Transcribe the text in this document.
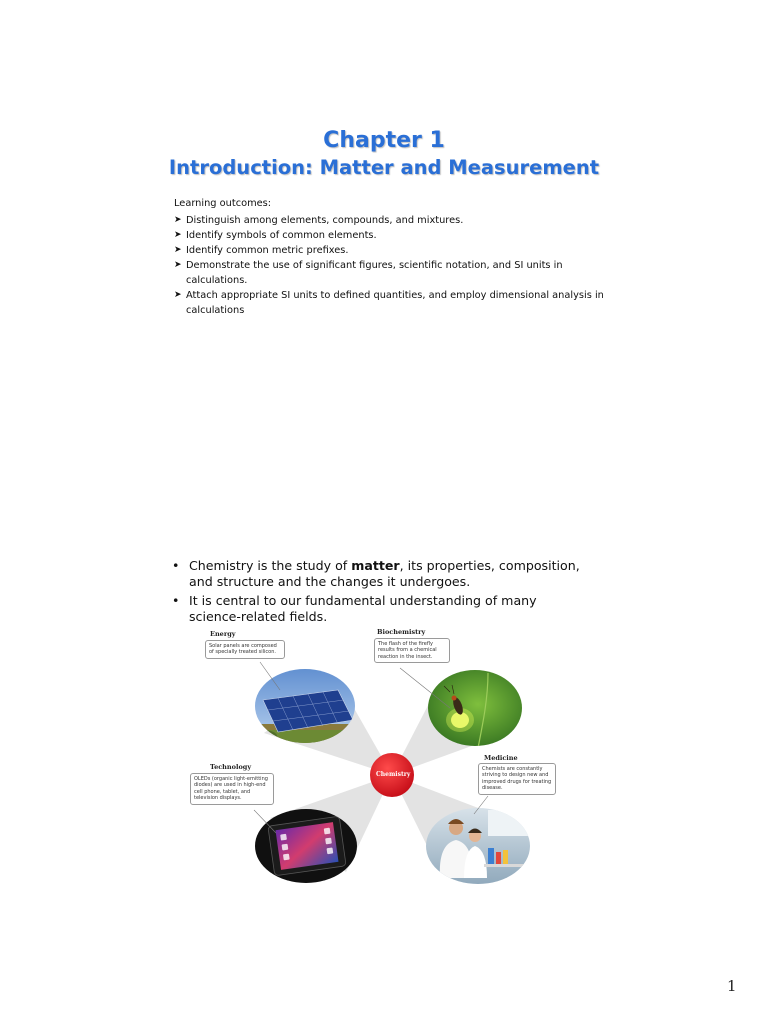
Chapter 1
Introduction: Matter and Measurement
Learning outcomes:
➤ Distinguish among elements, compounds, and mixtures.
➤ Identify symbols of common elements.
➤ Identify common metric prefixes.
➤ Demonstrate the use of significant figures, scientific notation, and SI units in calculations.
➤ Attach appropriate SI units to defined quantities, and employ dimensional analysis in calculations
• Chemistry is the study of matter, its properties, composition, and structure and the changes it undergoes.
• It is central to our fundamental understanding of many science-related fields.
Chemistry
Energy
Solar panels are composed of specially treated silicon.
Biochemistry
The flash of the firefly results from a chemical reaction in the insect.
Technology
OLEDs (organic light-emitting diodes) are used in high-end cell phone, tablet, and television displays.
Medicine
Chemists are constantly striving to design new and improved drugs for treating disease.
1
